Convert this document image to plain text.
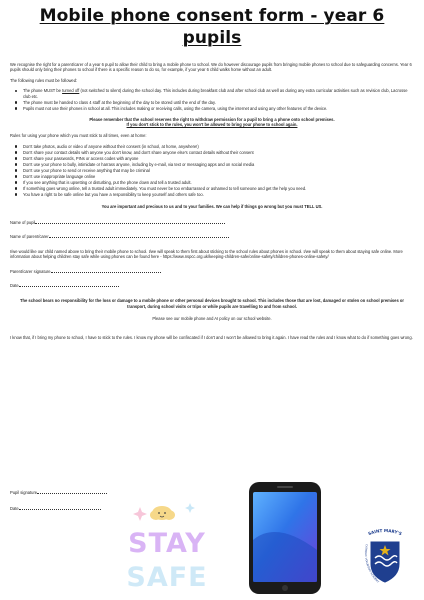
Mobile phone consent form - year 6 pupils

We recognise the right for a parent/carer of a year 6 pupil to allow their child to bring a mobile phone to school. We do however discourage pupils from bringing mobile phones to school due to safeguarding concerns. Year 6 pupils should only bring their phones to school if there is a specific reason to do so, for example, if your year 6 child walks home without an adult.

The following rules must be followed:

The phone MUST be turned off (not switched to silent) during the school day. This includes during breakfast club and after school club as well as during any extra curricular activities such as revision club, Lacrosse club etc.
The phone must be handed to class 4 staff at the beginning of the day to be stored until the end of the day.
Pupils must not use their phones in school at all. This includes making or receiving calls, using the camera, using the internet and using any other features of the device.

Please remember that the school reserves the right to withdraw permission for a pupil to bring a phone onto school premises.

If you don't stick to the rules, you won't be allowed to bring your phone to school again.

Rules for using your phone which you must stick to all times, even at home:

Don't take photos, audio or video of anyone without their consent (in school, at home, anywhere!)
Don't share your contact details with anyone you don't know, and don't share anyone else's contact details without their consent
Don't share your passwords, PINs or access codes with anyone
Don't use your phone to bully, intimidate or harrass anyone, including by e-mail, via text or messaging apps and on social media
Don't use your phone to send or receive anything that may be criminal
Don't use inappropriate language online
If you see anything that is upsetting or disturbing, put the phone down and tell a trusted adult.
If something goes wrong online, tell a trusted adult immediately. You must never be too embarrassed or ashamed to tell someone and get the help you need.
You have a right to be safe online but you have a responsibility to keep yourself and others safe too.

You are important and precious to us and to your families. We can help if things go wrong but you must TELL US.

Name of pupil

Name of parent/carer

I/we would like our child named above to bring their mobile phone to school. I/we will speak to them first about sticking to the school rules about phones in school. I/we will speak to them about staying safe online. More information about helping children stay safe while using phones can be found here - https://www.nspcc.org.uk/keeping-children-safe/online-safety/children-phones-online-safety/

Parent/carer signature

Date

The school bears no responsibility for the loss or damage to a mobile phone or other personal devices brought to school. This includes those that are lost, damaged or stolen on school premises or transport, during school visits or trips or while pupils are travelling to and from school.

Please see our mobile phone and AI policy on our school website.

I know that, if I bring my phone to school, I have to stick to the rules. I know my phone will be confiscated if I don't and I won't be allowed to bring it again. I have read the rules and I know what to do if something goes wrong.

Pupil signature

Date

STAY
SAFE
SAINT MARY'S
CATHOLIC VOLUNTARY ACADEMY
